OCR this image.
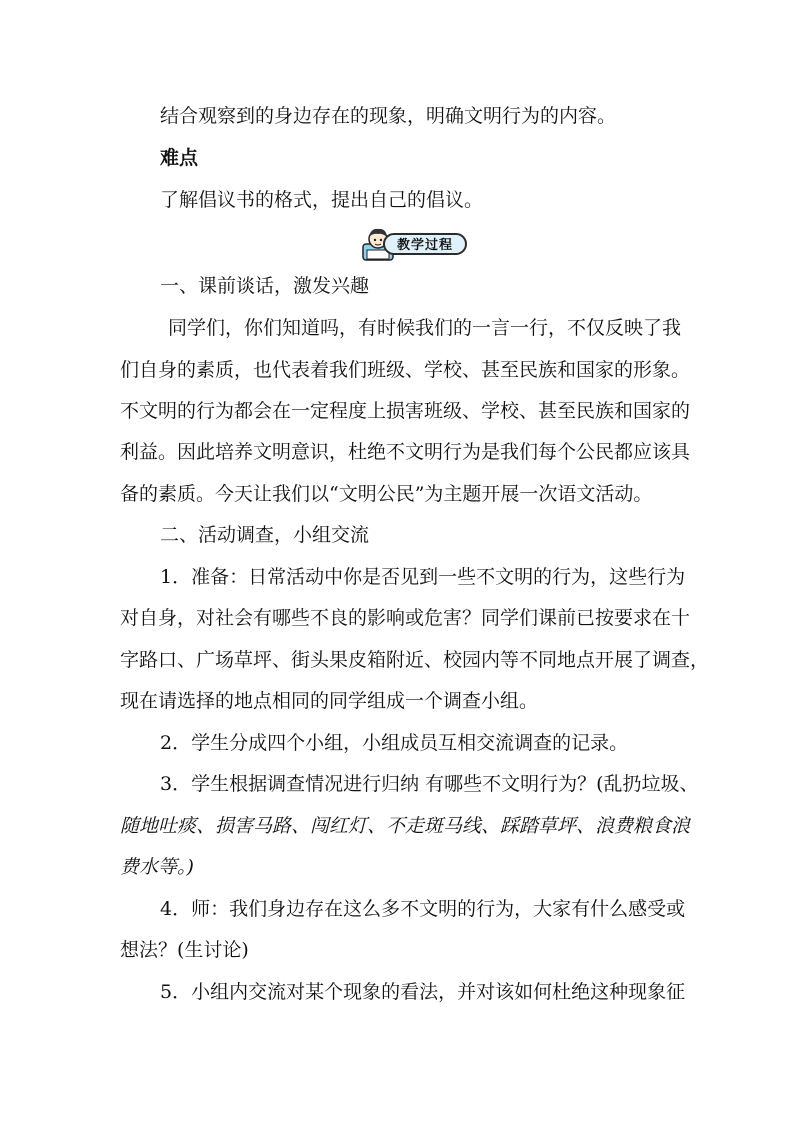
教学过程
结合观察到的身边存在的现象，明确文明行为的内容。
难点
了解倡议书的格式，提出自己的倡议。
一、课前谈话，激发兴趣
同学们，你们知道吗，有时候我们的一言一行，不仅反映了我
们自身的素质，也代表着我们班级、学校、甚至民族和国家的形象。
不文明的行为都会在一定程度上损害班级、学校、甚至民族和国家的
利益。因此培养文明意识，杜绝不文明行为是我们每个公民都应该具
备的素质。今天让我们以“文明公民”为主题开展一次语文活动。
二、活动调查，小组交流
1．准备：日常活动中你是否见到一些不文明的行为，这些行为
对自身，对社会有哪些不良的影响或危害？同学们课前已按要求在十
字路口、广场草坪、街头果皮箱附近、校园内等不同地点开展了调查，
现在请选择的地点相同的同学组成一个调查小组。
2．学生分成四个小组，小组成员互相交流调查的记录。
3．学生根据调查情况进行归纳 有哪些不文明行为？(乱扔垃圾、
随地吐痰、损害马路、闯红灯、不走斑马线、踩踏草坪、浪费粮食浪
费水等。)
4．师：我们身边存在这么多不文明的行为，大家有什么感受或
想法？(生讨论)
5．小组内交流对某个现象的看法，并对该如何杜绝这种现象征
